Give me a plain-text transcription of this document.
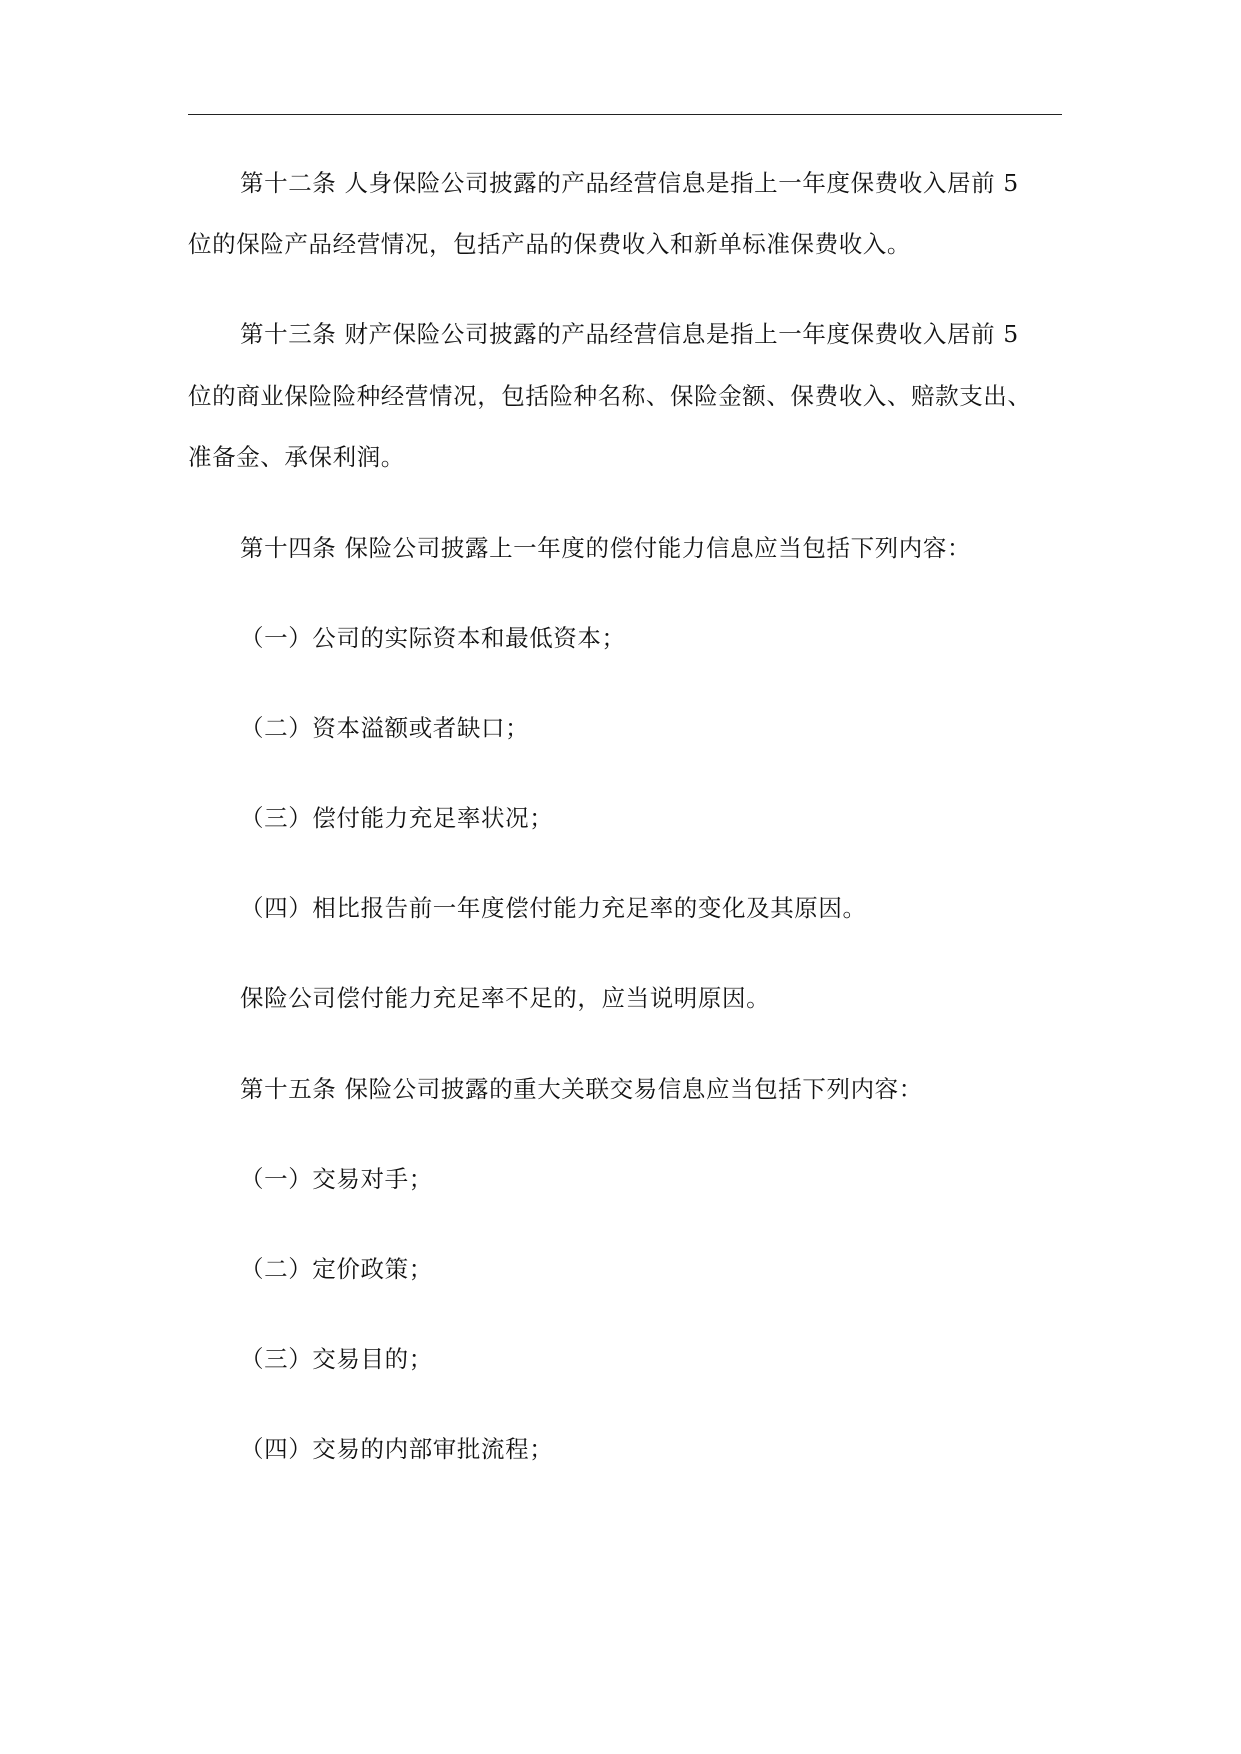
第十二条 人身保险公司披露的产品经营信息是指上一年度保费收入居前 5
位的保险产品经营情况，包括产品的保费收入和新单标准保费收入。
第十三条 财产保险公司披露的产品经营信息是指上一年度保费收入居前 5
位的商业保险险种经营情况，包括险种名称、保险金额、保费收入、赔款支出、
准备金、承保利润。
第十四条 保险公司披露上一年度的偿付能力信息应当包括下列内容：
（一）公司的实际资本和最低资本；
（二）资本溢额或者缺口；
（三）偿付能力充足率状况；
（四）相比报告前一年度偿付能力充足率的变化及其原因。
保险公司偿付能力充足率不足的，应当说明原因。
第十五条 保险公司披露的重大关联交易信息应当包括下列内容：
（一）交易对手；
（二）定价政策；
（三）交易目的；
（四）交易的内部审批流程；
